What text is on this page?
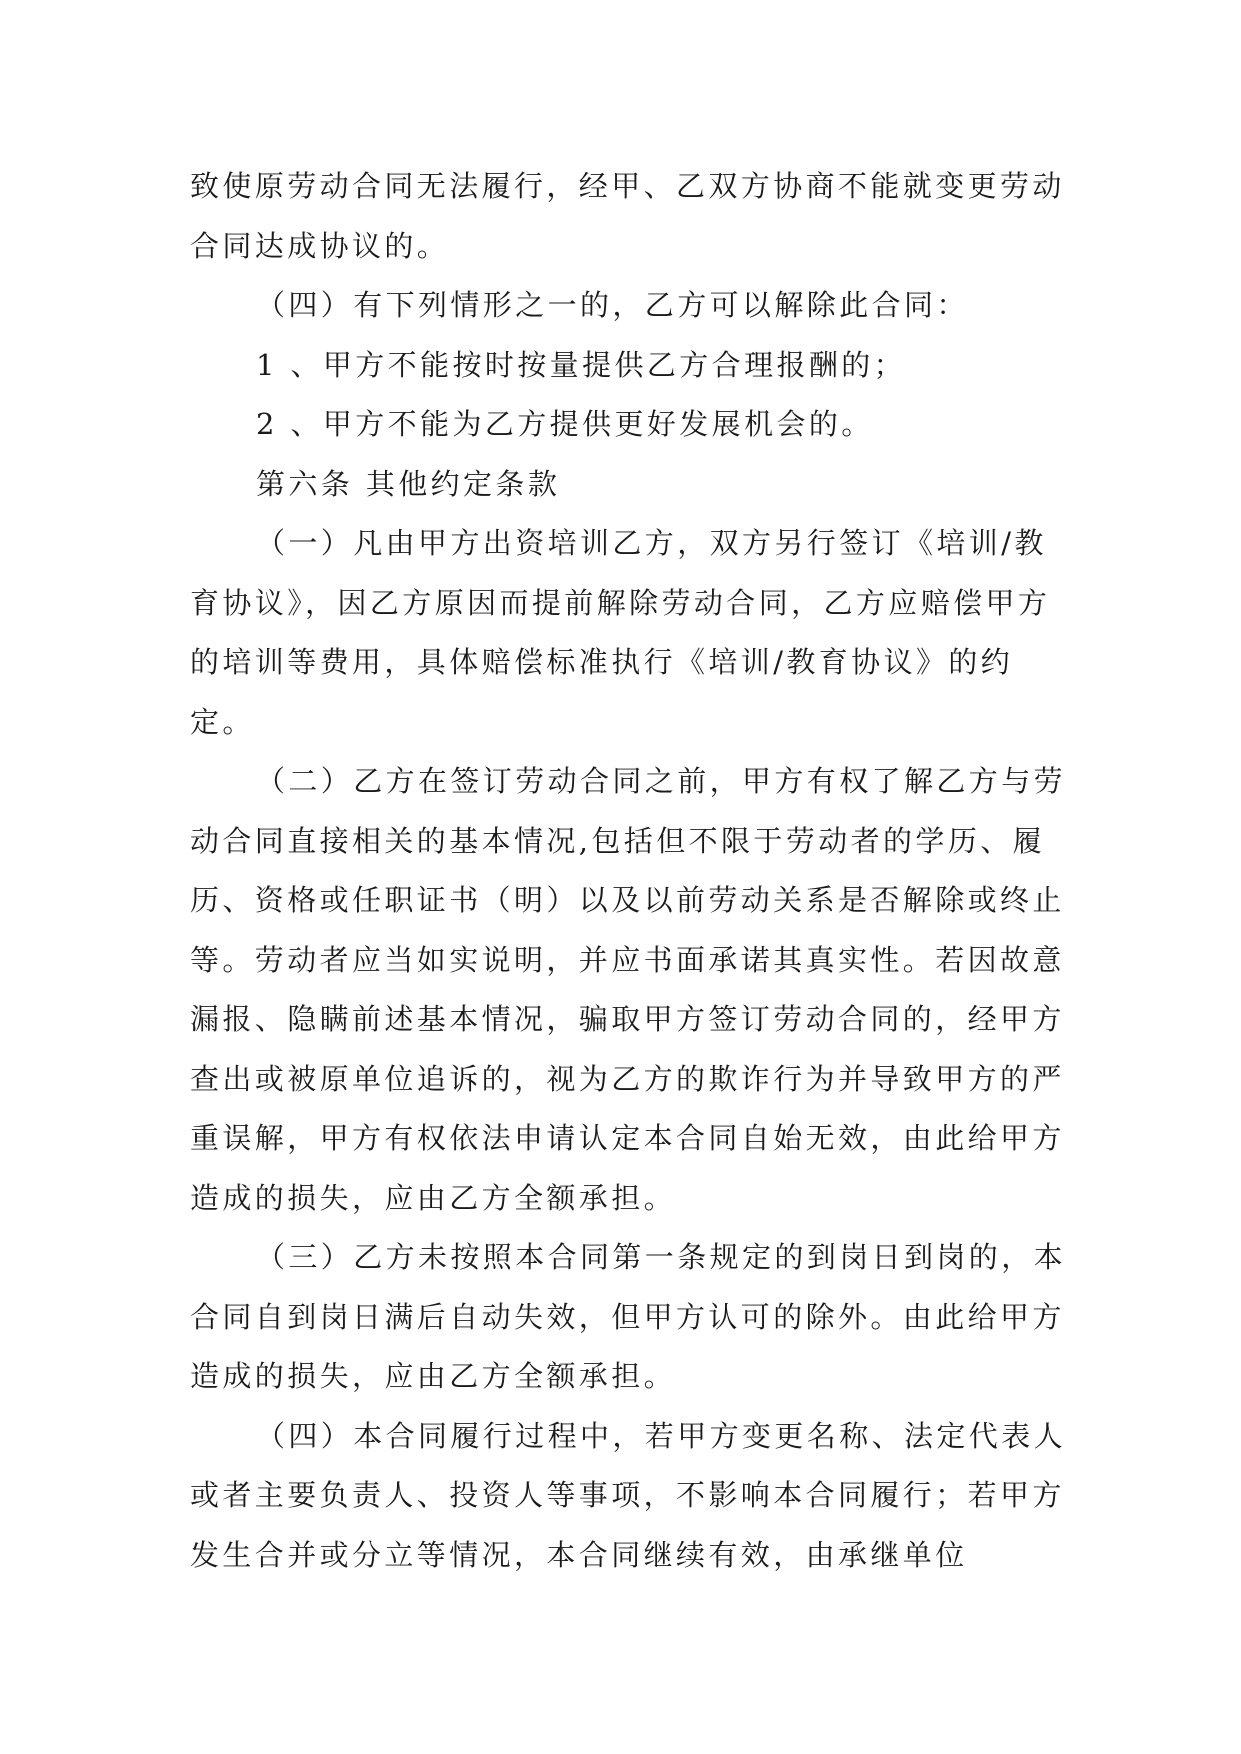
致使原劳动合同无法履行，经甲、乙双方协商不能就变更劳动合同达成协议的。

（四）有下列情形之一的，乙方可以解除此合同：

1 、甲方不能按时按量提供乙方合理报酬的；

2 、甲方不能为乙方提供更好发展机会的。

第六条 其他约定条款

（一）凡由甲方出资培训乙方，双方另行签订《培训/教育协议》，因乙方原因而提前解除劳动合同，乙方应赔偿甲方的培训等费用，具体赔偿标准执行《培训/教育协议》的约定。

（二）乙方在签订劳动合同之前，甲方有权了解乙方与劳动合同直接相关的基本情况,包括但不限于劳动者的学历、履历、资格或任职证书（明）以及以前劳动关系是否解除或终止等。劳动者应当如实说明，并应书面承诺其真实性。若因故意漏报、隐瞒前述基本情况，骗取甲方签订劳动合同的，经甲方查出或被原单位追诉的，视为乙方的欺诈行为并导致甲方的严重误解，甲方有权依法申请认定本合同自始无效，由此给甲方造成的损失，应由乙方全额承担。

（三）乙方未按照本合同第一条规定的到岗日到岗的，本合同自到岗日满后自动失效，但甲方认可的除外。由此给甲方造成的损失，应由乙方全额承担。

（四）本合同履行过程中，若甲方变更名称、法定代表人或者主要负责人、投资人等事项，不影响本合同履行；若甲方发生合并或分立等情况，本合同继续有效，由承继单位
